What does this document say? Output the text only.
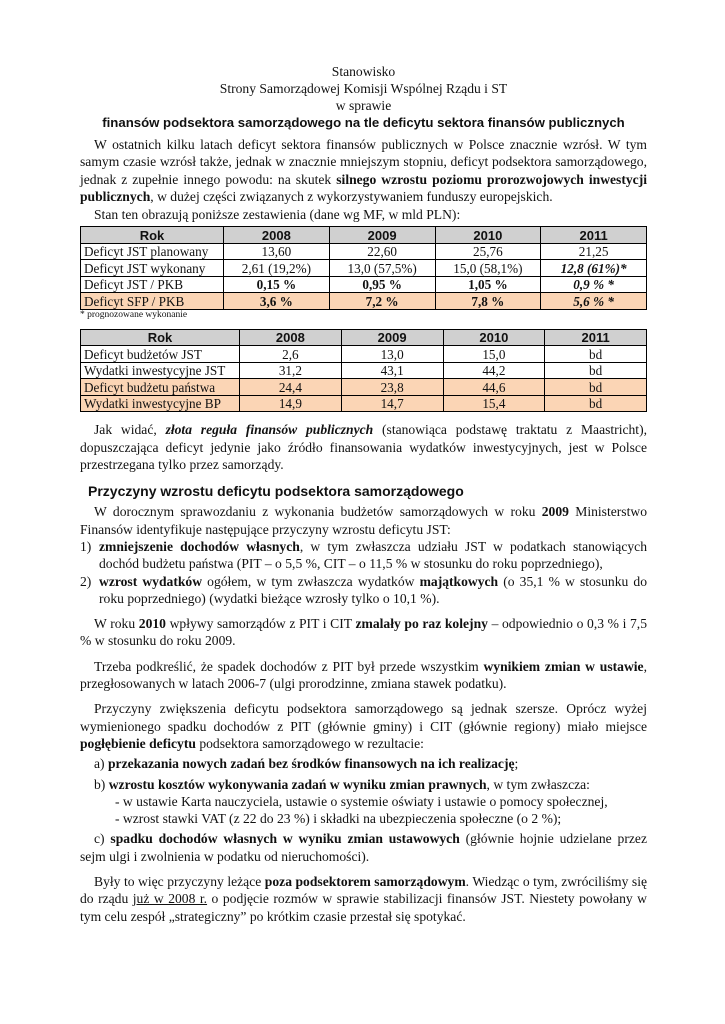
Stanowisko
Strony Samorządowej Komisji Wspólnej Rządu i ST
w sprawie
finansów podsektora samorządowego na tle deficytu sektora finansów publicznych

W ostatnich kilku latach deficyt sektora finansów publicznych w Polsce znacznie wzrósł. W tym samym czasie wzrósł także, jednak w znacznie mniejszym stopniu, deficyt podsektora samorządowego, jednak z zupełnie innego powodu: na skutek silnego wzrostu poziomu prorozwojowych inwestycji publicznych, w dużej części związanych z wykorzystywaniem funduszy europejskich.

Stan ten obrazują poniższe zestawienia (dane wg MF, w mld PLN):

Rok	2008	2009	2010	2011
Deficyt JST planowany	13,60	22,60	25,76	21,25
Deficyt JST wykonany	2,61 (19,2%)	13,0 (57,5%)	15,0 (58,1%)	12,8 (61%)*
Deficyt JST / PKB	0,15 %	0,95 %	1,05 %	0,9 % *
Deficyt SFP / PKB	3,6 %	7,2 %	7,8 %	5,6 % *
* prognozowane wykonanie
Rok	2008	2009	2010	2011
Deficyt budżetów JST	2,6	13,0	15,0	bd
Wydatki inwestycyjne JST	31,2	43,1	44,2	bd
Deficyt budżetu państwa	24,4	23,8	44,6	bd
Wydatki inwestycyjne BP	14,9	14,7	15,4	bd

Jak widać, złota reguła finansów publicznych (stanowiąca podstawę traktatu z Maastricht), dopuszczająca deficyt jedynie jako źródło finansowania wydatków inwestycyjnych, jest w Polsce przestrzegana tylko przez samorządy.

Przyczyny wzrostu deficytu podsektora samorządowego

W dorocznym sprawozdaniu z wykonania budżetów samorządowych w roku 2009 Ministerstwo Finansów identyfikuje następujące przyczyny wzrostu deficytu JST:

1) zmniejszenie dochodów własnych, w tym zwłaszcza udziału JST w podatkach stanowiących dochód budżetu państwa (PIT – o 5,5 %, CIT – o 11,5 % w stosunku do roku poprzedniego),
2) wzrost wydatków ogółem, w tym zwłaszcza wydatków majątkowych (o 35,1 % w stosunku do roku poprzedniego) (wydatki bieżące wzrosły tylko o 10,1 %).

W roku 2010 wpływy samorządów z PIT i CIT zmalały po raz kolejny – odpowiednio o 0,3 % i 7,5 % w stosunku do roku 2009.

Trzeba podkreślić, że spadek dochodów z PIT był przede wszystkim wynikiem zmian w ustawie, przegłosowanych w latach 2006-7 (ulgi prorodzinne, zmiana stawek podatku).

Przyczyny zwiększenia deficytu podsektora samorządowego są jednak szersze. Oprócz wyżej wymienionego spadku dochodów z PIT (głównie gminy) i CIT (głównie regiony) miało miejsce pogłębienie deficytu podsektora samorządowego w rezultacie:

a) przekazania nowych zadań bez środków finansowych na ich realizację;

b) wzrostu kosztów wykonywania zadań w wyniku zmian prawnych, w tym zwłaszcza:

- w ustawie Karta nauczyciela, ustawie o systemie oświaty i ustawie o pomocy społecznej,

- wzrost stawki VAT (z 22 do 23 %) i składki na ubezpieczenia społeczne (o 2 %);

c) spadku dochodów własnych w wyniku zmian ustawowych (głównie hojnie udzielane przez sejm ulgi i zwolnienia w podatku od nieruchomości).

Były to więc przyczyny leżące poza podsektorem samorządowym. Wiedząc o tym, zwróciliśmy się do rządu już w 2008 r. o podjęcie rozmów w sprawie stabilizacji finansów JST. Niestety powołany w tym celu zespół „strategiczny” po krótkim czasie przestał się spotykać.
